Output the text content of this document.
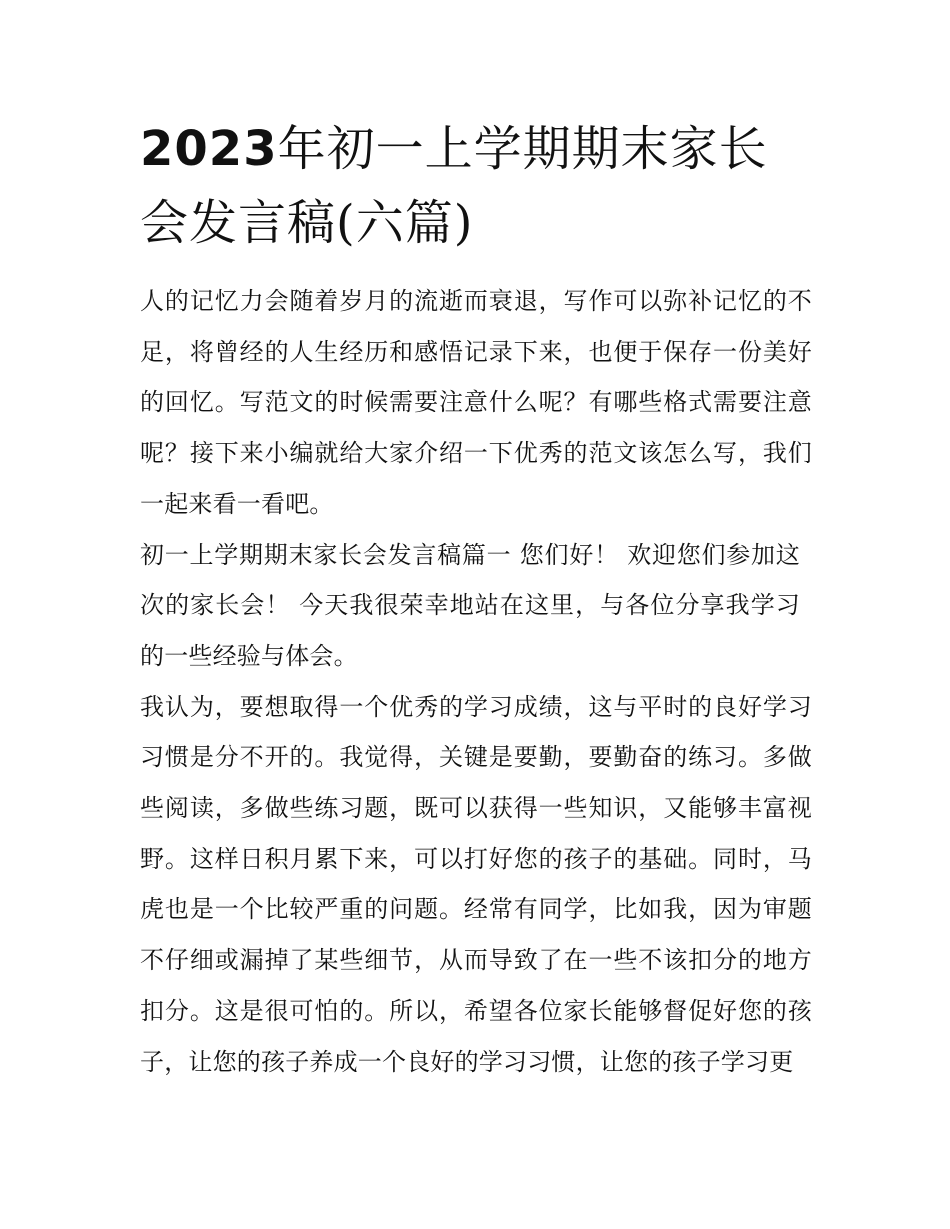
2023年初一上学期期末家长会发言稿(六篇)

人的记忆力会随着岁月的流逝而衰退，写作可以弥补记忆的不足，将曾经的人生经历和感悟记录下来，也便于保存一份美好的回忆。写范文的时候需要注意什么呢？有哪些格式需要注意呢？接下来小编就给大家介绍一下优秀的范文该怎么写，我们一起来看一看吧。

初一上学期期末家长会发言稿篇一 您们好！ 欢迎您们参加这次的家长会！ 今天我很荣幸地站在这里，与各位分享我学习的一些经验与体会。

我认为，要想取得一个优秀的学习成绩，这与平时的良好学习习惯是分不开的。我觉得，关键是要勤，要勤奋的练习。多做些阅读，多做些练习题，既可以获得一些知识，又能够丰富视野。这样日积月累下来，可以打好您的孩子的基础。同时，马虎也是一个比较严重的问题。经常有同学，比如我，因为审题不仔细或漏掉了某些细节，从而导致了在一些不该扣分的地方扣分。这是很可怕的。所以，希望各位家长能够督促好您的孩子，让您的孩子养成一个良好的学习习惯，让您的孩子学习更
